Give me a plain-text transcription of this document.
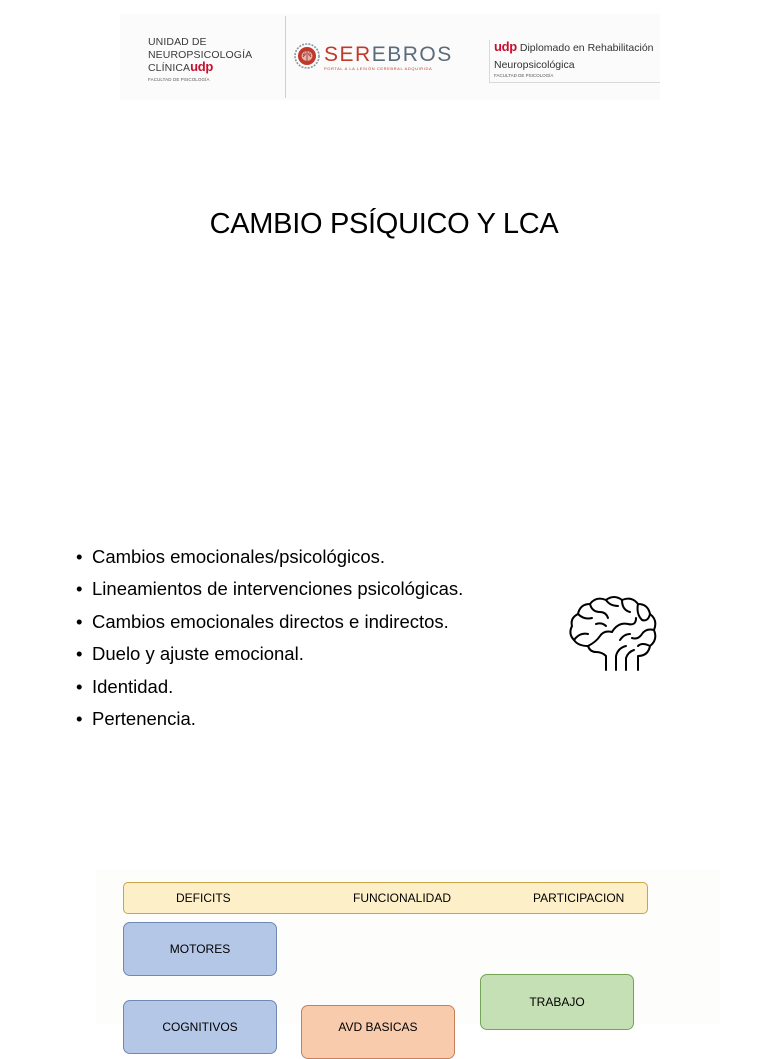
UNIDAD DE
NEUROPSICOLOGÍA
CLÍNICAudp
FACULTAD DE PSICOLOGÍA
SEREBROS
PORTAL A LA LESIÓN CEREBRAL ADQUIRIDA
udp Diplomado en Rehabilitación
Neuropsicológica
FACULTAD DE PSICOLOGÍA
CAMBIO PSÍQUICO Y LCA
• Cambios emocionales/psicológicos.
• Lineamientos de intervenciones psicológicas.
• Cambios emocionales directos e indirectos.
• Duelo y ajuste emocional.
• Identidad.
• Pertenencia.
DEFICITS	FUNCIONALIDAD	PARTICIPACION
MOTORES
COGNITIVOS	AVD BASICAS
TRABAJO
